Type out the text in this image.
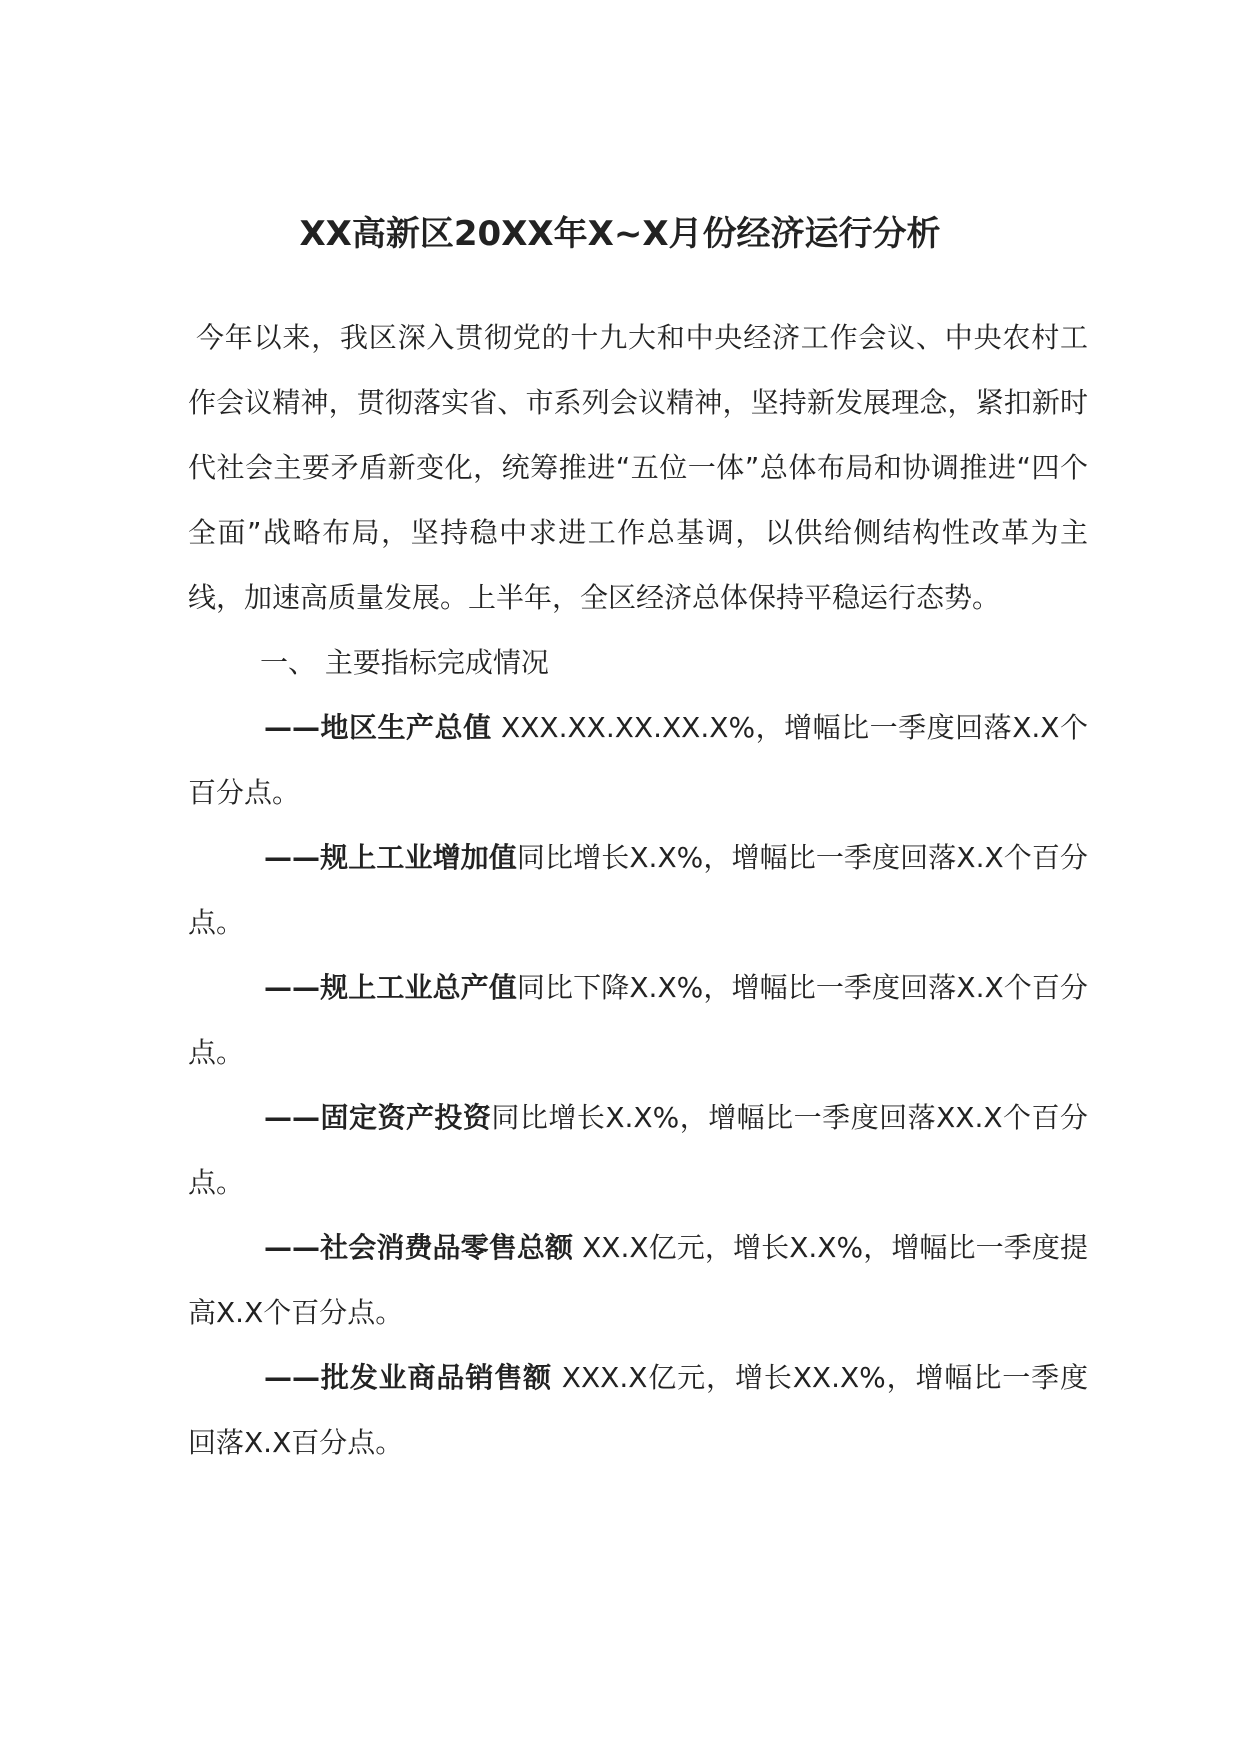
XX高新区20XX年X~X月份经济运行分析

今年以来，我区深入贯彻党的十九大和中央经济工作会议、中央农村工作会议精神，贯彻落实省、市系列会议精神，坚持新发展理念，紧扣新时代社会主要矛盾新变化，统筹推进“五位一体”总体布局和协调推进“四个全面”战略布局，坚持稳中求进工作总基调，以供给侧结构性改革为主线，加速高质量发展。上半年，全区经济总体保持平稳运行态势。

一、 主要指标完成情况

——地区生产总值 XXX.XX.XX.XX.X%，增幅比一季度回落X.X个百分点。

——规上工业增加值同比增长X.X%，增幅比一季度回落X.X个百分点。

——规上工业总产值同比下降X.X%，增幅比一季度回落X.X个百分点。

——固定资产投资同比增长X.X%，增幅比一季度回落XX.X个百分点。

——社会消费品零售总额 XX.X亿元，增长X.X%，增幅比一季度提高X.X个百分点。

——批发业商品销售额 XXX.X亿元，增长XX.X%，增幅比一季度回落X.X百分点。
